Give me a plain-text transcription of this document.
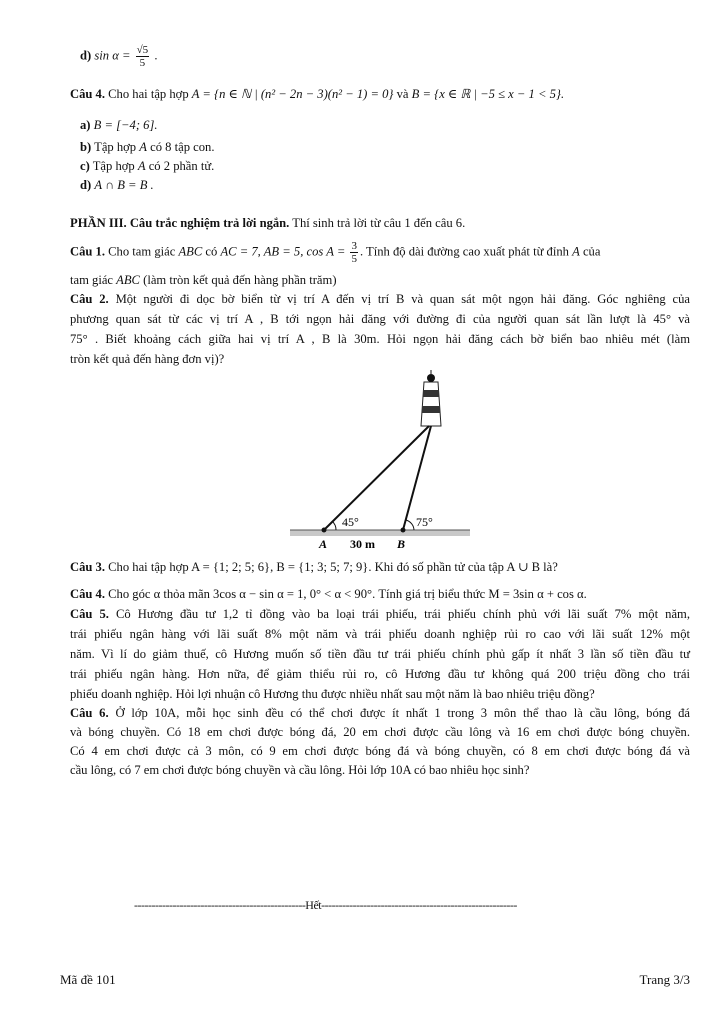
d) $\sin \alpha = \frac{√5}{5}$ .
Câu 4. Cho hai tập hợp A = {n ∈ ℕ | (n² − 2n − 3)(n² − 1) = 0} và B = {x ∈ ℝ | −5 ≤ x − 1 < 5}.
a) B = [−4; 6].
b) Tập hợp A có 8 tập con.
c) Tập hợp A có 2 phần tử.
d) A ∩ B = B .
PHẦN III. Câu trắc nghiệm trả lời ngắn. Thí sinh trả lời từ câu 1 đến câu 6.
Câu 1. Cho tam giác ABC có AC = 7, AB = 5, $\cos A = \frac{3}{5}$ . Tính độ dài đường cao xuất phát từ đỉnh A của
tam giác ABC (làm tròn kết quả đến hàng phần trăm)
Câu 2. Một người đi dọc bờ biển từ vị trí A đến vị trí B và quan sát một ngọn hải đăng. Góc nghiêng của
phương quan sát từ các vị trí A , B tới ngọn hải đăng với đường đi của người quan sát lần lượt là 45° và
75° . Biết khoảng cách giữa hai vị trí A , B là 30m. Hỏi ngọn hải đăng cách bờ biển bao nhiêu mét (làm
tròn kết quả đến hàng đơn vị)?
45°	75°
A 30 m B
Câu 3. Cho hai tập hợp A = {1; 2; 5; 6}, B = {1; 3; 5; 7; 9}. Khi đó số phần tử của tập A ∪ B là?
Câu 4. Cho góc α thỏa mãn 3cos α − sin α = 1, 0° < α < 90°. Tính giá trị biểu thức M = 3sin α + cos α.
Câu 5. Cô Hương đầu tư 1,2 tỉ đồng vào ba loại trái phiếu, trái phiếu chính phủ với lãi suất 7% một năm,
trái phiếu ngân hàng với lãi suất 8% một năm và trái phiếu doanh nghiệp rủi ro cao với lãi suất 12% một
năm. Vì lí do giảm thuế, cô Hương muốn số tiền đầu tư trái phiếu chính phủ gấp ít nhất 3 lần số tiền đầu tư
trái phiếu ngân hàng. Hơn nữa, để giảm thiểu rủi ro, cô Hương đầu tư không quá 200 triệu đồng cho trái
phiếu doanh nghiệp. Hỏi lợi nhuận cô Hương thu được nhiều nhất sau một năm là bao nhiêu triệu đồng?
Câu 6. Ở lớp 10A, mỗi học sinh đều có thể chơi được ít nhất 1 trong 3 môn thể thao là cầu lông, bóng đá
và bóng chuyền. Có 18 em chơi được bóng đá, 20 em chơi được cầu lông và 16 em chơi được bóng chuyền.
Có 4 em chơi được cả 3 môn, có 9 em chơi được bóng đá và bóng chuyền, có 8 em chơi được bóng đá và
cầu lông, có 7 em chơi được bóng chuyền và cầu lông. Hỏi lớp 10A có bao nhiêu học sinh?
-------------------------------------------------Hết--------------------------------------------------------
Mã đề 101	Trang 3/3
